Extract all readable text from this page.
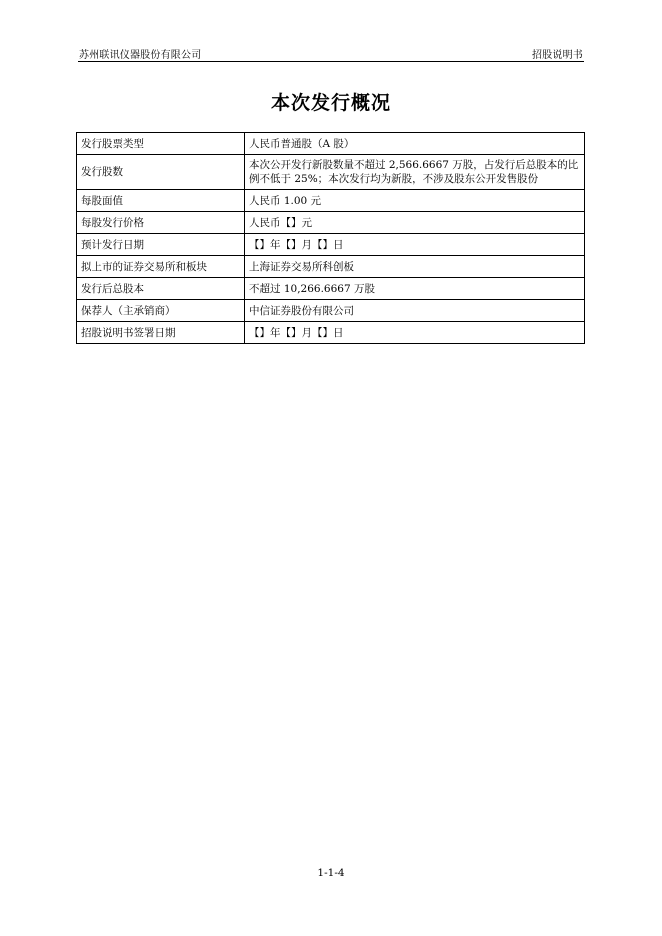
苏州联讯仪器股份有限公司	招股说明书
本次发行概况
发行股票类型	人民币普通股（A 股）
发行股数	本次公开发行新股数量不超过 2,566.6667 万股，占发行后总股本的比例不低于 25%；本次发行均为新股，不涉及股东公开发售股份
每股面值	人民币 1.00 元
每股发行价格	人民币【】元
预计发行日期	【】年【】月【】日
拟上市的证券交易所和板块	上海证券交易所科创板
发行后总股本	不超过 10,266.6667 万股
保荐人（主承销商）	中信证券股份有限公司
招股说明书签署日期	【】年【】月【】日
1-1-4
